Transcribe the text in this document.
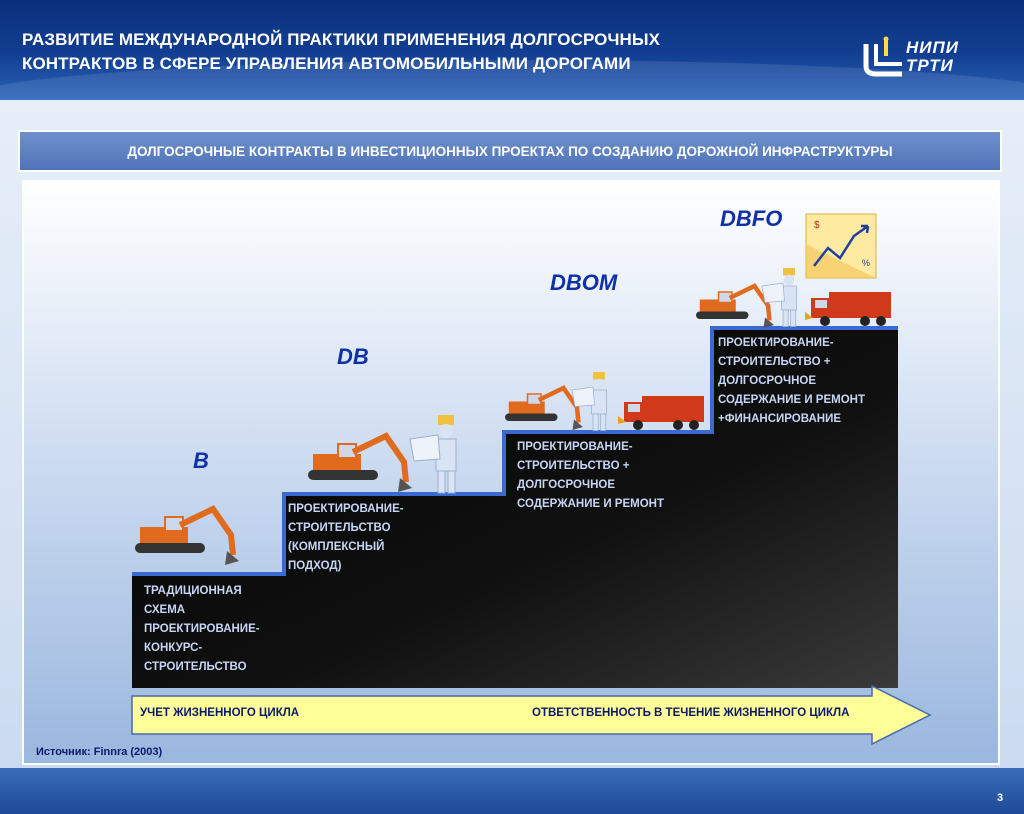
РАЗВИТИЕ МЕЖДУНАРОДНОЙ ПРАКТИКИ ПРИМЕНЕНИЯ ДОЛГОСРОЧНЫХ
КОНТРАКТОВ В СФЕРЕ УПРАВЛЕНИЯ АВТОМОБИЛЬНЫМИ ДОРОГАМИ
НИПИ
ТРТИ
ДОЛГОСРОЧНЫЕ КОНТРАКТЫ В ИНВЕСТИЦИОННЫХ ПРОЕКТАХ ПО СОЗДАНИЮ ДОРОЖНОЙ ИНФРАСТРУКТУРЫ
$
%
B
DB
DBOM
DBFO
ТРАДИЦИОННАЯ
СХЕМА
ПРОЕКТИРОВАНИЕ-
КОНКУРС-
СТРОИТЕЛЬСТВО
ПРОЕКТИРОВАНИЕ-
СТРОИТЕЛЬСТВО
(КОМПЛЕКСНЫЙ
ПОДХОД)
ПРОЕКТИРОВАНИЕ-
СТРОИТЕЛЬСТВО +
ДОЛГОСРОЧНОЕ
СОДЕРЖАНИЕ И РЕМОНТ
ПРОЕКТИРОВАНИЕ-
СТРОИТЕЛЬСТВО +
ДОЛГОСРОЧНОЕ
СОДЕРЖАНИЕ И РЕМОНТ
+ФИНАНСИРОВАНИЕ
УЧЕТ ЖИЗНЕННОГО ЦИКЛА	ОТВЕТСТВЕННОСТЬ В ТЕЧЕНИЕ ЖИЗНЕННОГО ЦИКЛА
Источник: Finnra (2003)
3
